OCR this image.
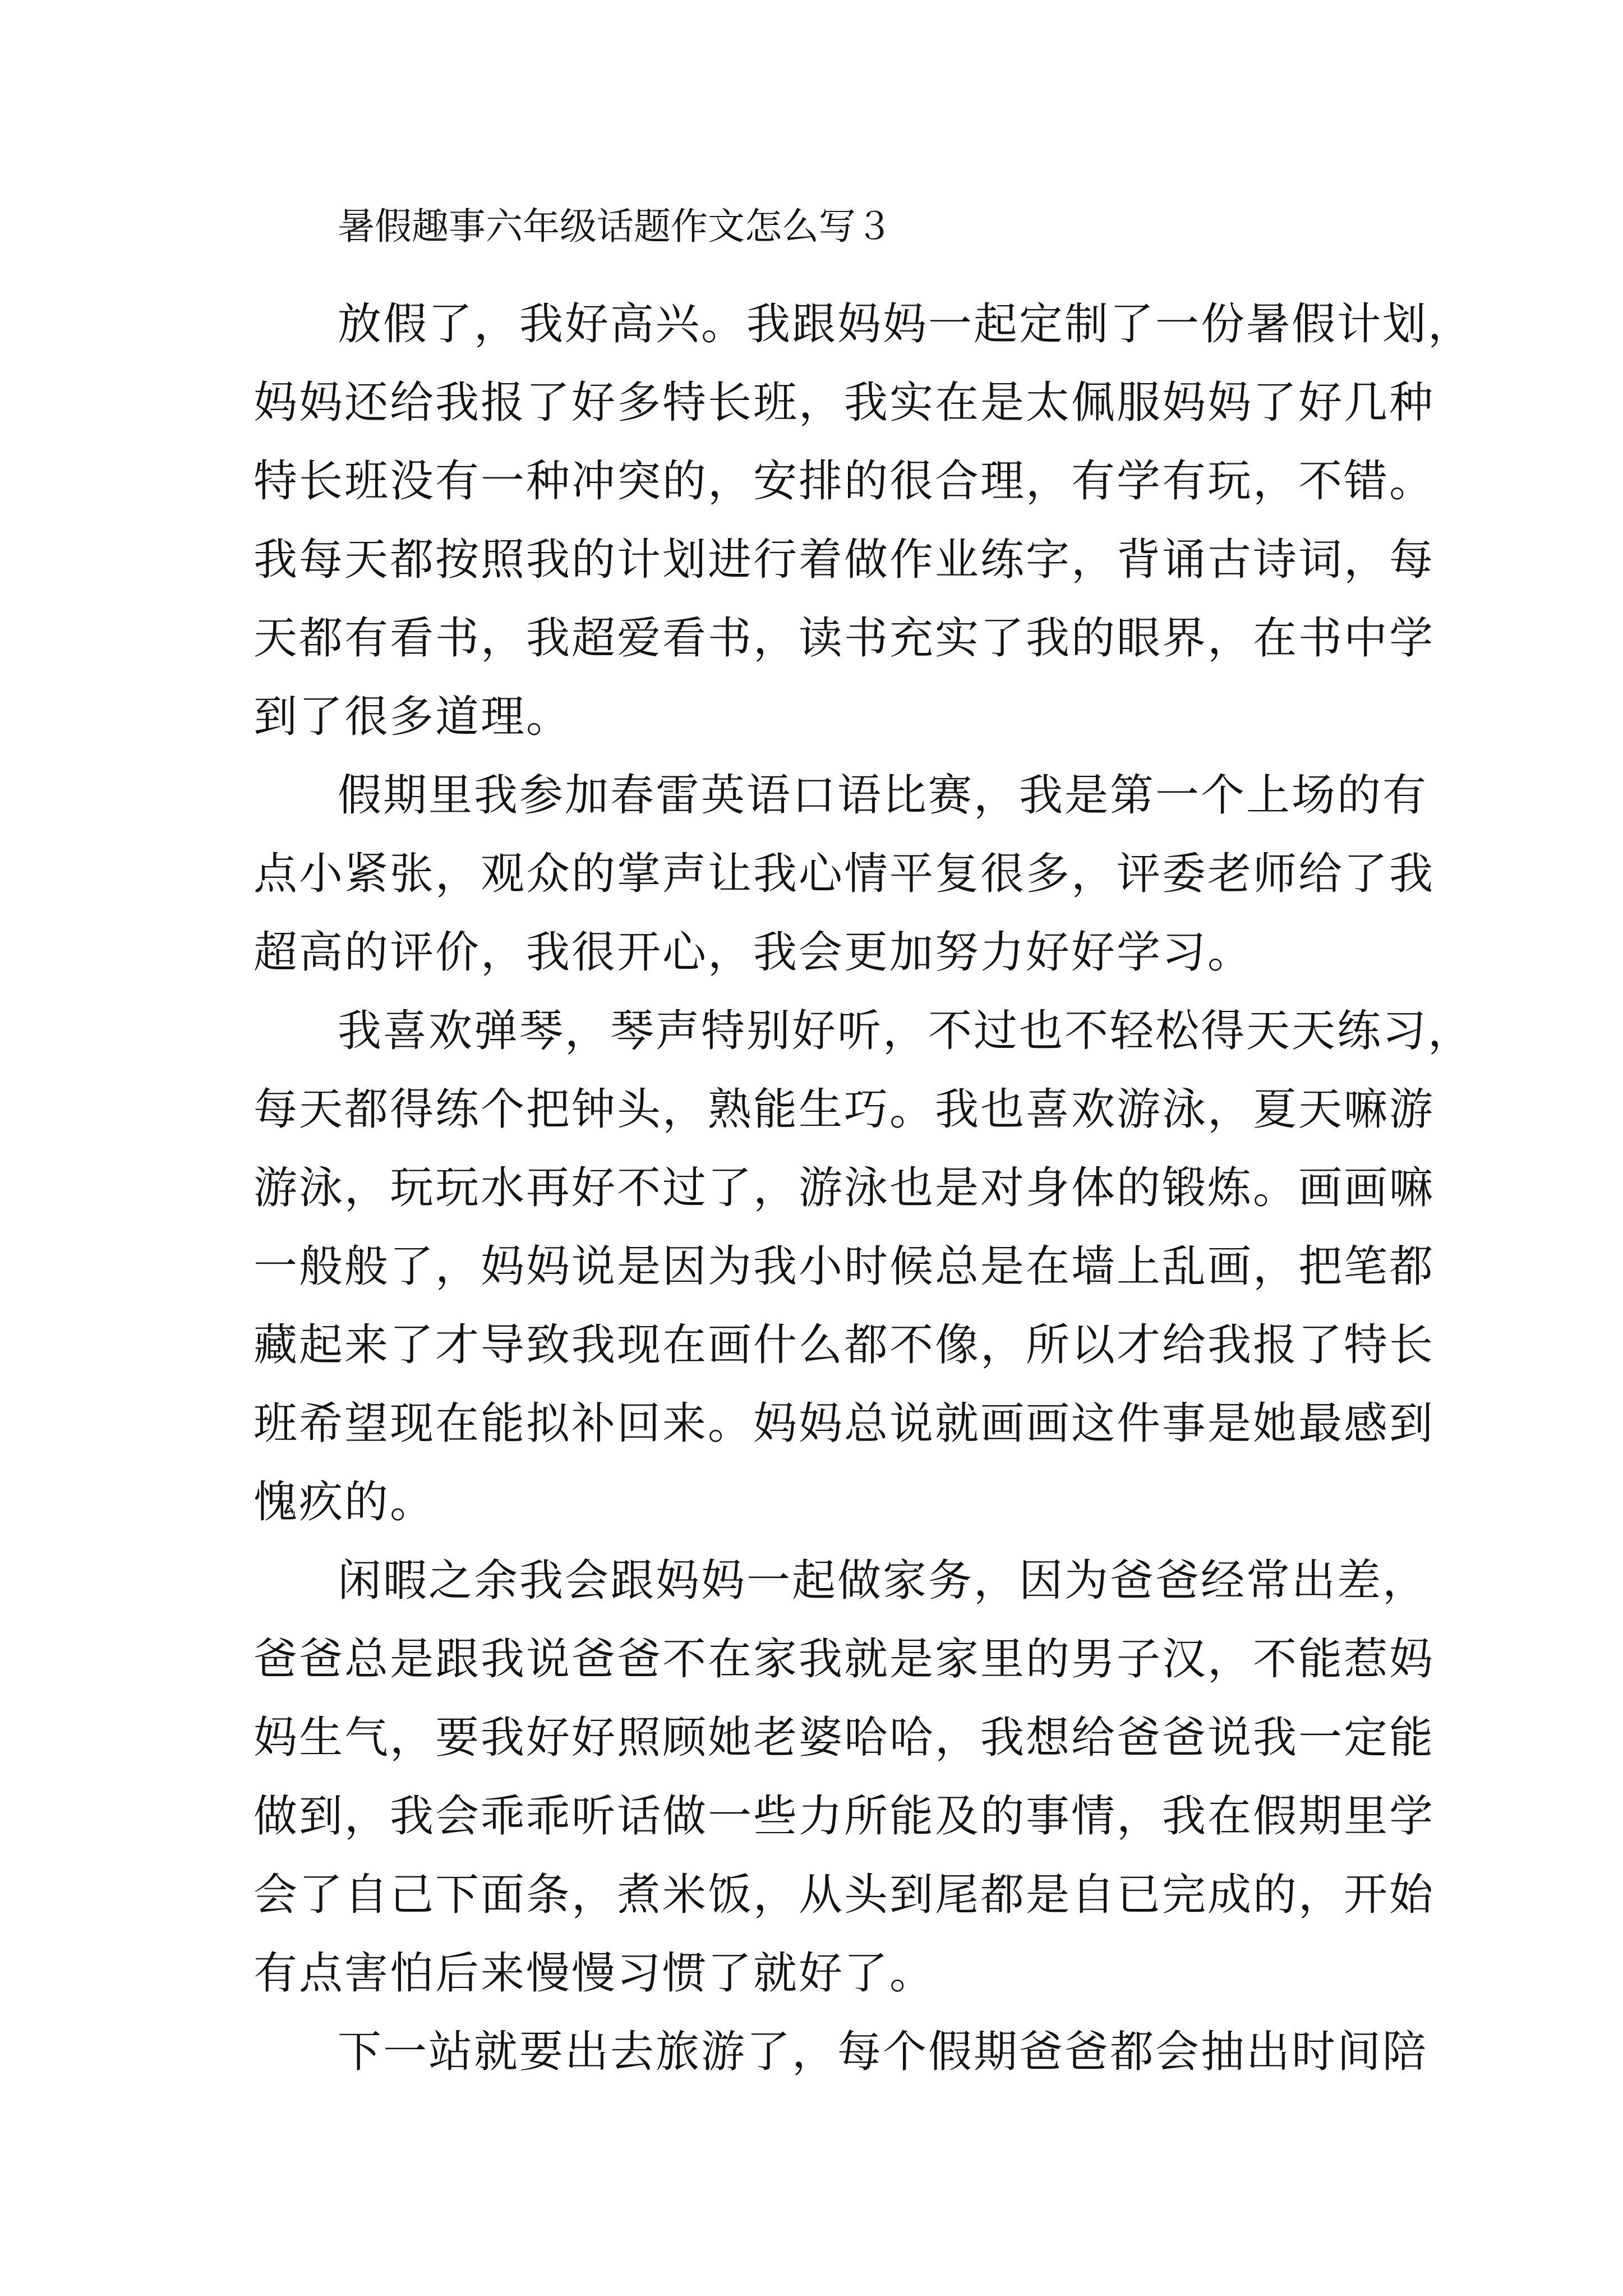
暑假趣事六年级话题作文怎么写３

放假了，我好高兴。我跟妈妈一起定制了一份暑假计划，
妈妈还给我报了好多特长班，我实在是太佩服妈妈了好几种
特长班没有一种冲突的，安排的很合理，有学有玩，不错。
我每天都按照我的计划进行着做作业练字，背诵古诗词，每
天都有看书，我超爱看书，读书充实了我的眼界，在书中学
到了很多道理。

假期里我参加春雷英语口语比赛，我是第一个上场的有
点小紧张，观众的掌声让我心情平复很多，评委老师给了我
超高的评价，我很开心，我会更加努力好好学习。

我喜欢弹琴，琴声特别好听，不过也不轻松得天天练习，
每天都得练个把钟头，熟能生巧。我也喜欢游泳，夏天嘛游
游泳，玩玩水再好不过了，游泳也是对身体的锻炼。画画嘛
一般般了，妈妈说是因为我小时候总是在墙上乱画，把笔都
藏起来了才导致我现在画什么都不像，所以才给我报了特长
班希望现在能拟补回来。妈妈总说就画画这件事是她最感到
愧疚的。

闲暇之余我会跟妈妈一起做家务，因为爸爸经常出差，
爸爸总是跟我说爸爸不在家我就是家里的男子汉，不能惹妈
妈生气，要我好好照顾她老婆哈哈，我想给爸爸说我一定能
做到，我会乖乖听话做一些力所能及的事情，我在假期里学
会了自己下面条，煮米饭，从头到尾都是自已完成的，开始
有点害怕后来慢慢习惯了就好了。

下一站就要出去旅游了，每个假期爸爸都会抽出时间陪
